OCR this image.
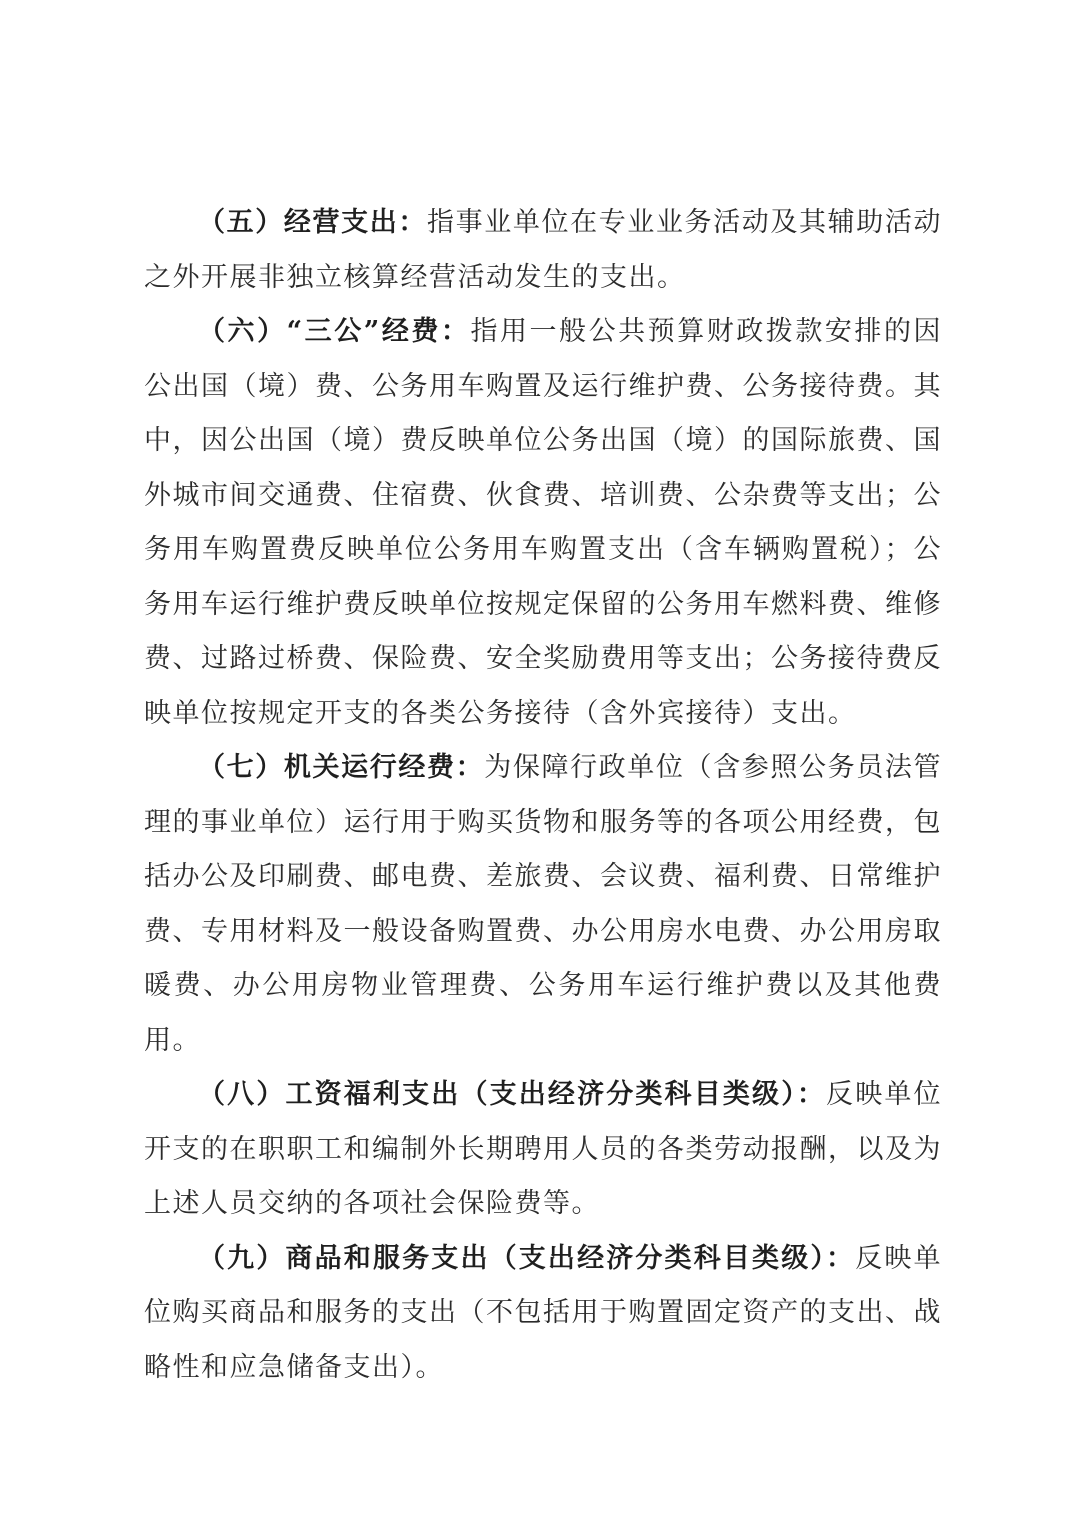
（五）经营支出：指事业单位在专业业务活动及其辅助活动之外开展非独立核算经营活动发生的支出。

（六）“三公”经费：指用一般公共预算财政拨款安排的因公出国（境）费、公务用车购置及运行维护费、公务接待费。其中，因公出国（境）费反映单位公务出国（境）的国际旅费、国外城市间交通费、住宿费、伙食费、培训费、公杂费等支出；公务用车购置费反映单位公务用车购置支出（含车辆购置税）；公务用车运行维护费反映单位按规定保留的公务用车燃料费、维修费、过路过桥费、保险费、安全奖励费用等支出；公务接待费反映单位按规定开支的各类公务接待（含外宾接待）支出。

（七）机关运行经费：为保障行政单位（含参照公务员法管理的事业单位）运行用于购买货物和服务等的各项公用经费，包括办公及印刷费、邮电费、差旅费、会议费、福利费、日常维护费、专用材料及一般设备购置费、办公用房水电费、办公用房取暖费、办公用房物业管理费、公务用车运行维护费以及其他费用。

（八）工资福利支出（支出经济分类科目类级）：反映单位开支的在职职工和编制外长期聘用人员的各类劳动报酬，以及为上述人员交纳的各项社会保险费等。

（九）商品和服务支出（支出经济分类科目类级）：反映单位购买商品和服务的支出（不包括用于购置固定资产的支出、战略性和应急储备支出）。
